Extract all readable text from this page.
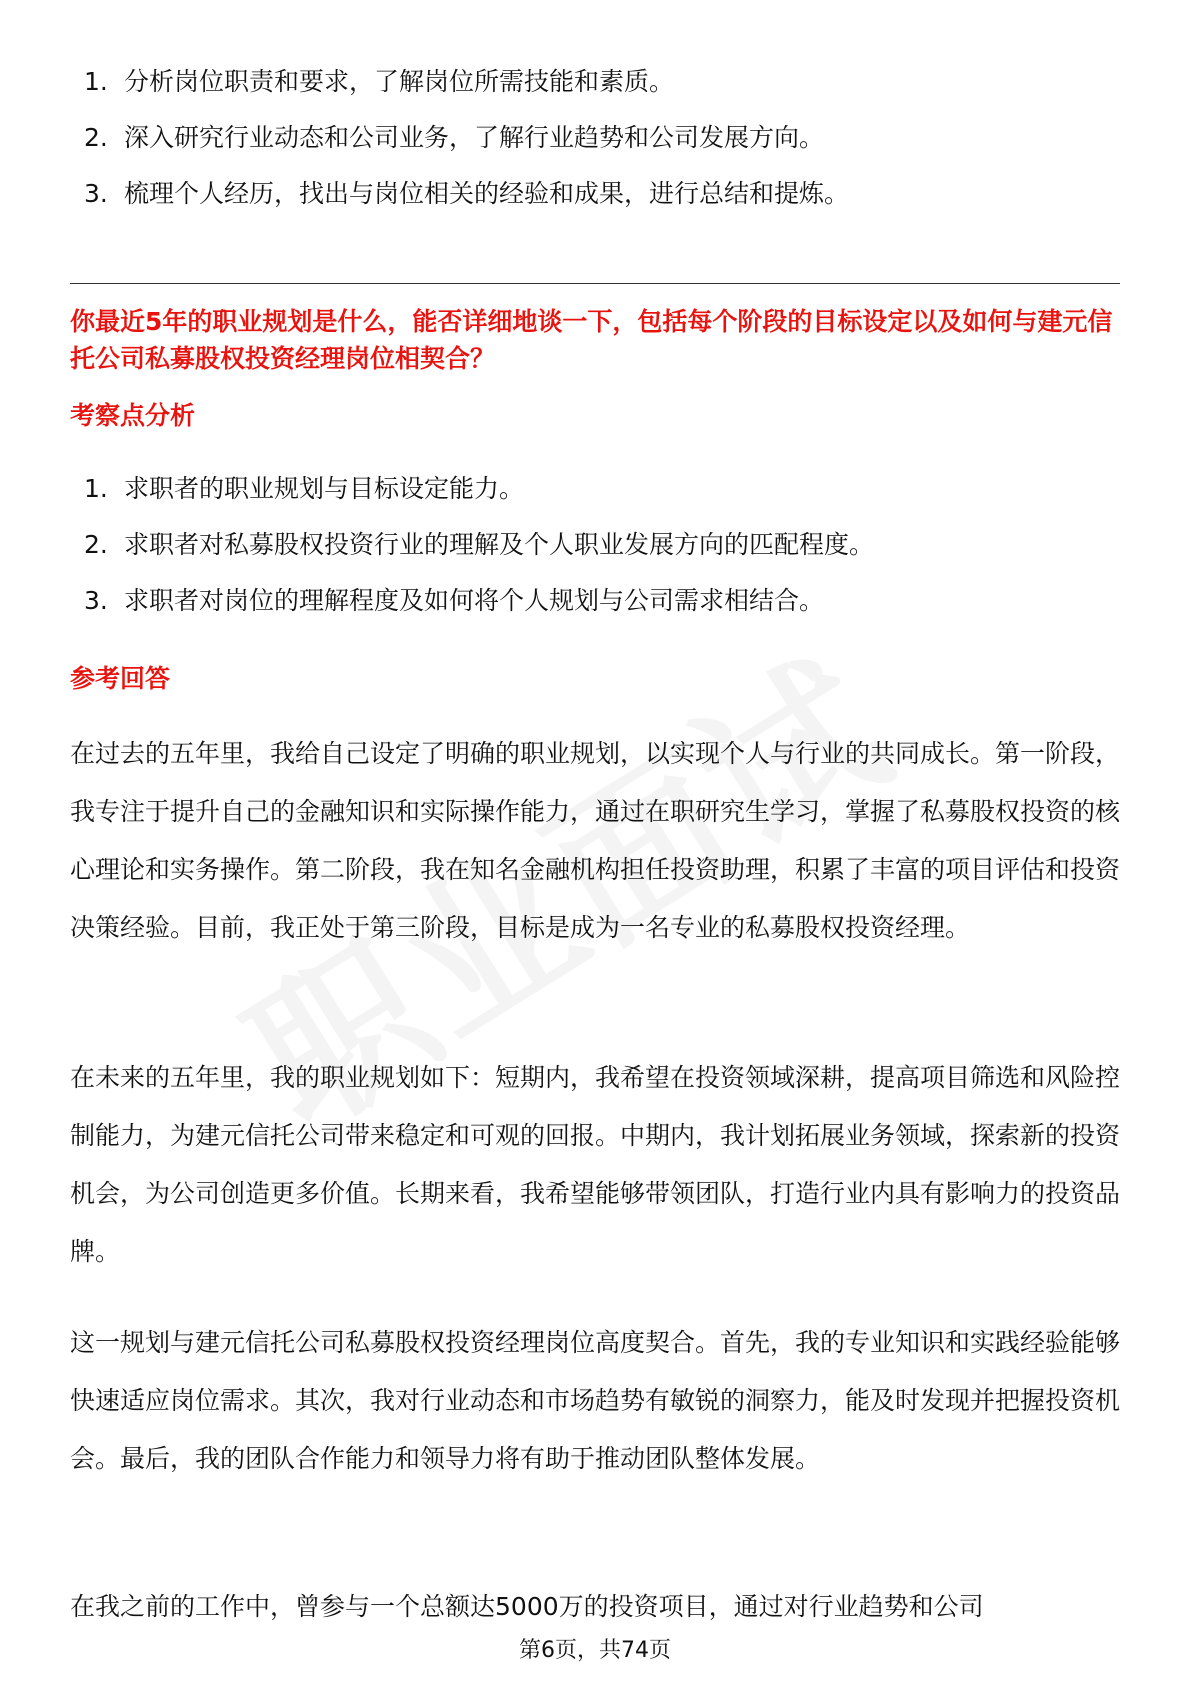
1. 分析岗位职责和要求，了解岗位所需技能和素质。
2. 深入研究行业动态和公司业务，了解行业趋势和公司发展方向。
3. 梳理个人经历，找出与岗位相关的经验和成果，进行总结和提炼。
你最近5年的职业规划是什么，能否详细地谈一下，包括每个阶段的目标设定以及如何与建元信托公司私募股权投资经理岗位相契合？
考察点分析
1. 求职者的职业规划与目标设定能力。
2. 求职者对私募股权投资行业的理解及个人职业发展方向的匹配程度。
3. 求职者对岗位的理解程度及如何将个人规划与公司需求相结合。
参考回答
在过去的五年里，我给自己设定了明确的职业规划，以实现个人与行业的共同成长。第一阶段，我专注于提升自己的金融知识和实际操作能力，通过在职研究生学习，掌握了私募股权投资的核心理论和实务操作。第二阶段，我在知名金融机构担任投资助理，积累了丰富的项目评估和投资决策经验。目前，我正处于第三阶段，目标是成为一名专业的私募股权投资经理。
在未来的五年里，我的职业规划如下：短期内，我希望在投资领域深耕，提高项目筛选和风险控制能力，为建元信托公司带来稳定和可观的回报。中期内，我计划拓展业务领域，探索新的投资机会，为公司创造更多价值。长期来看，我希望能够带领团队，打造行业内具有影响力的投资品牌。
这一规划与建元信托公司私募股权投资经理岗位高度契合。首先，我的专业知识和实践经验能够快速适应岗位需求。其次，我对行业动态和市场趋势有敏锐的洞察力，能及时发现并把握投资机会。最后，我的团队合作能力和领导力将有助于推动团队整体发展。
在我之前的工作中，曾参与一个总额达5000万的投资项目，通过对行业趋势和公司
第6页，共74页
